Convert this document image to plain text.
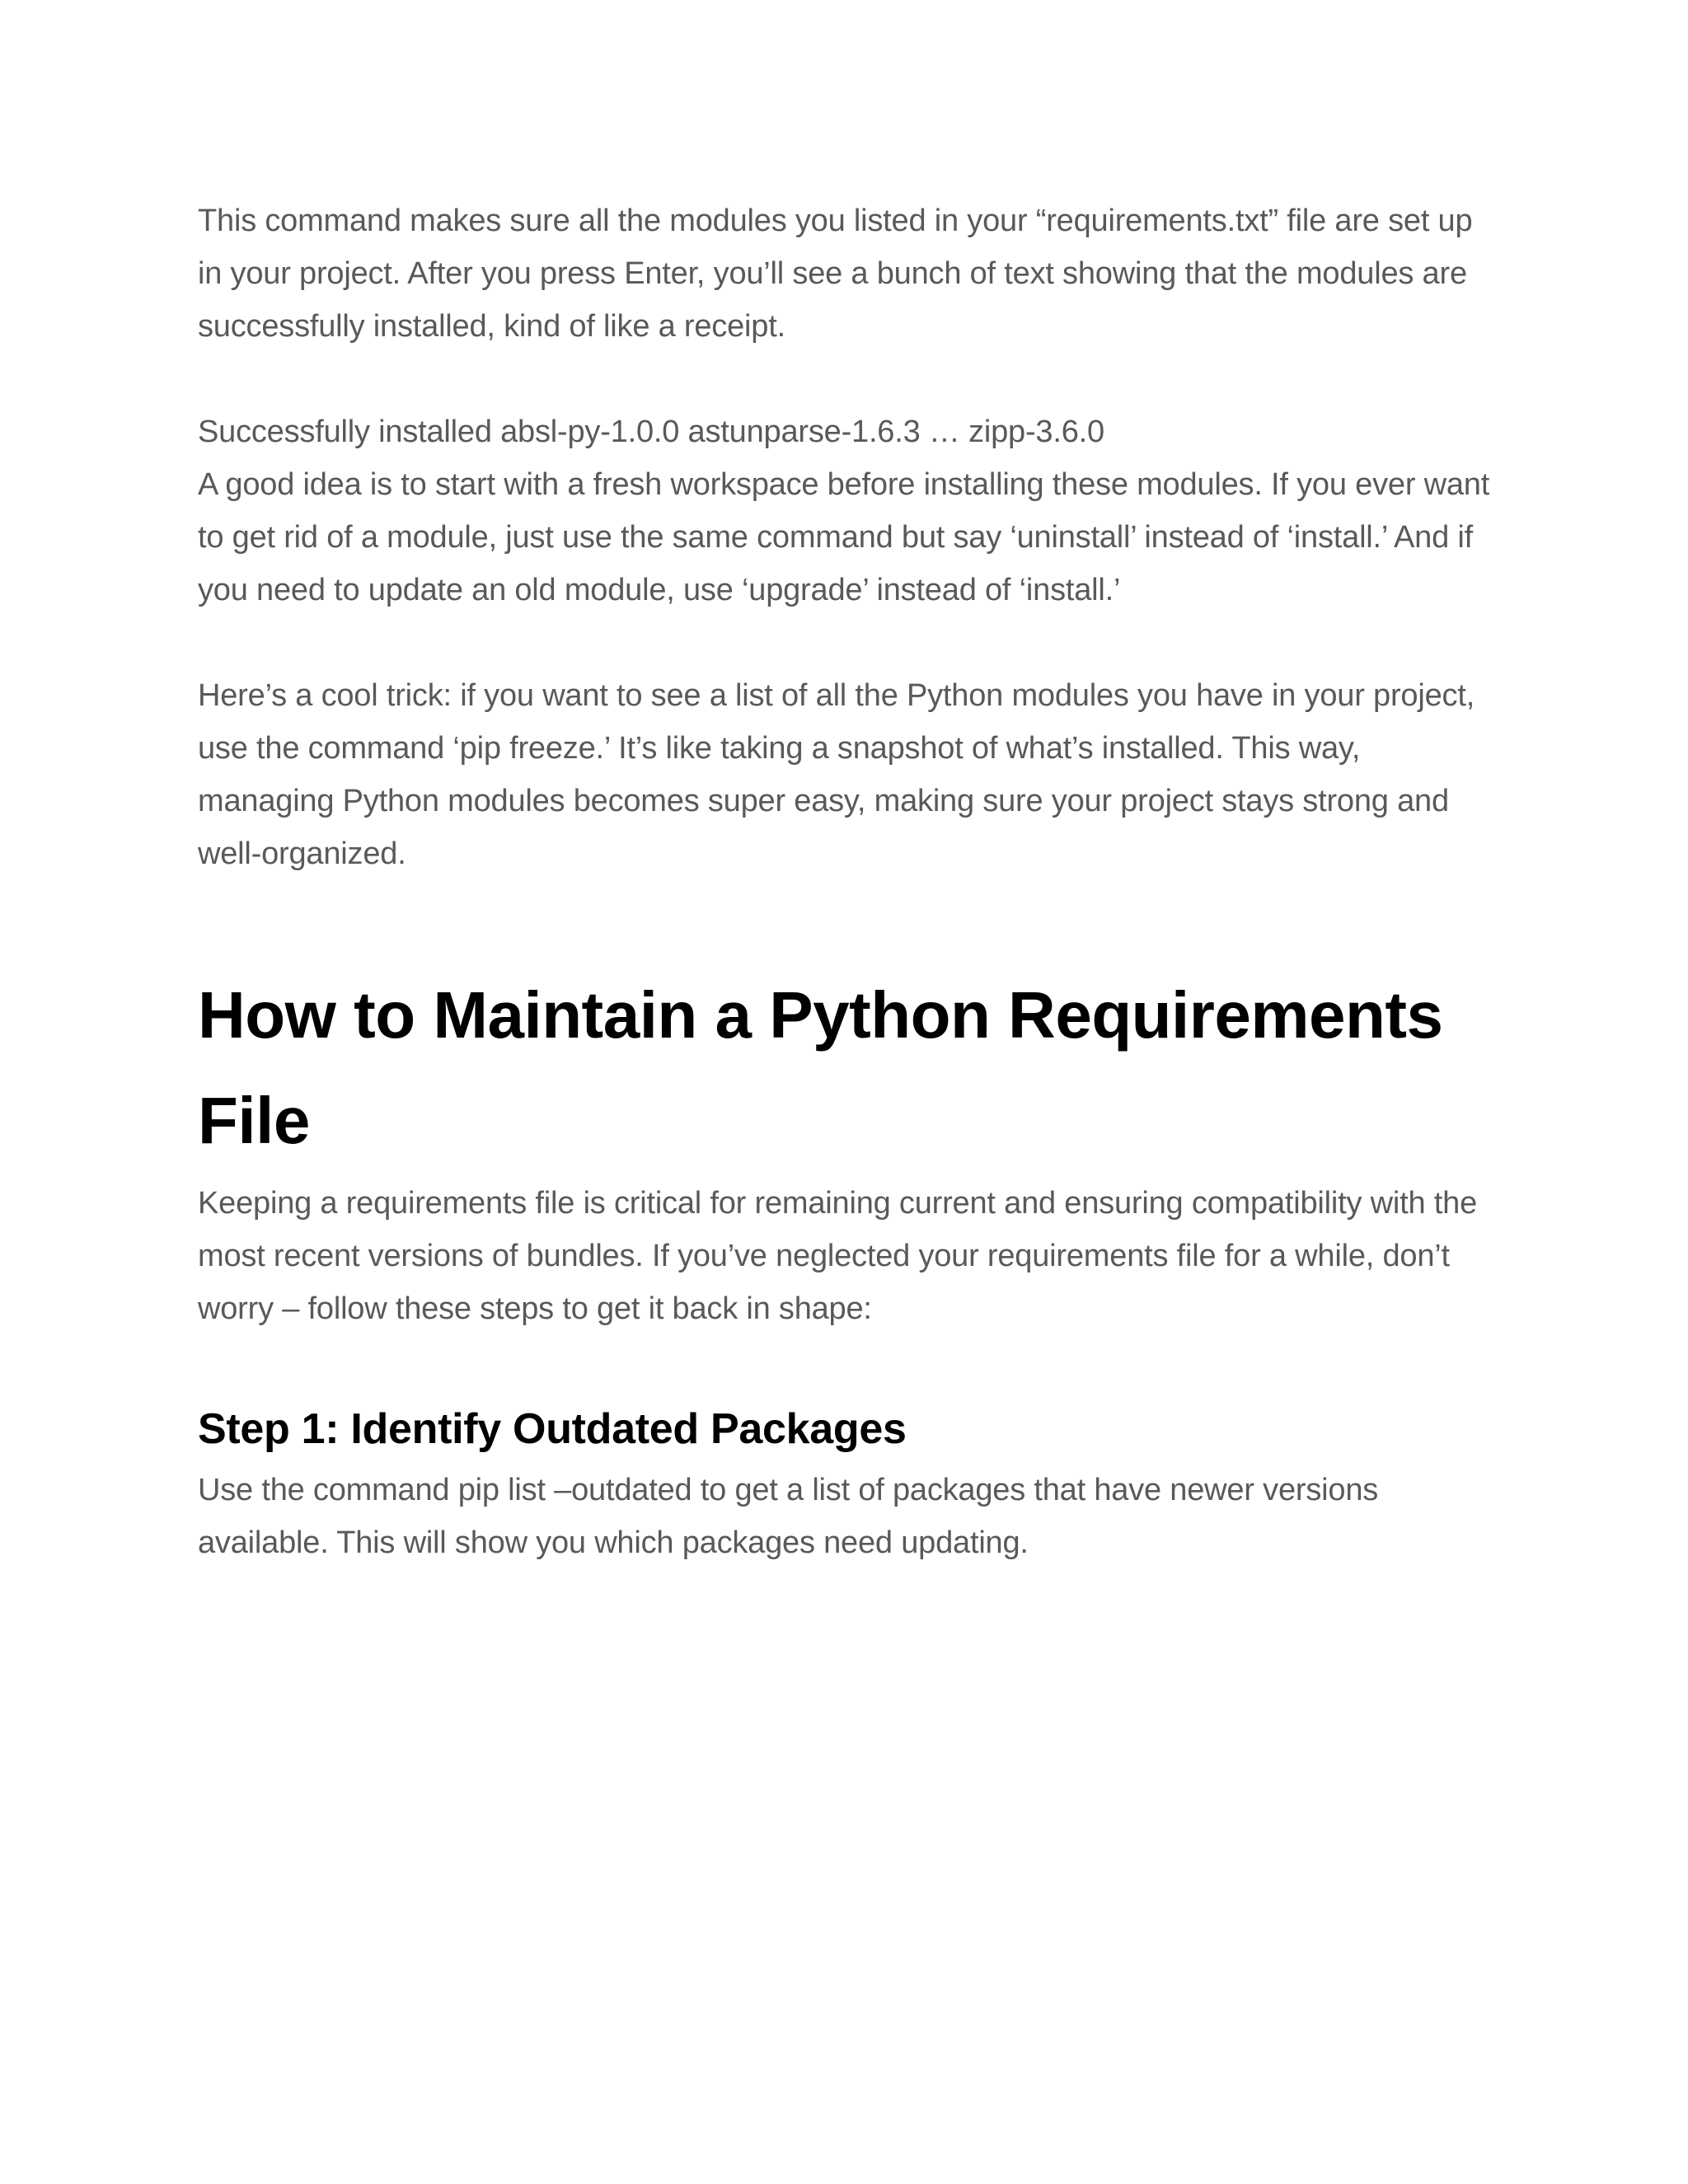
This command makes sure all the modules you listed in your “requirements.txt” file are set up in your project. After you press Enter, you’ll see a bunch of text showing that the modules are successfully installed, kind of like a receipt.

Successfully installed absl-py-1.0.0 astunparse-1.6.3 … zipp-3.6.0

A good idea is to start with a fresh workspace before installing these modules. If you ever want to get rid of a module, just use the same command but say ‘uninstall’ instead of ‘install.’ And if you need to update an old module, use ‘upgrade’ instead of ‘install.’

Here’s a cool trick: if you want to see a list of all the Python modules you have in your project, use the command ‘pip freeze.’ It’s like taking a snapshot of what’s installed. This way, managing Python modules becomes super easy, making sure your project stays strong and well-organized.

How to Maintain a Python Requirements File

Keeping a requirements file is critical for remaining current and ensuring compatibility with the most recent versions of bundles. If you’ve neglected your requirements file for a while, don’t worry – follow these steps to get it back in shape:

Step 1: Identify Outdated Packages

Use the command pip list –outdated to get a list of packages that have newer versions available. This will show you which packages need updating.
